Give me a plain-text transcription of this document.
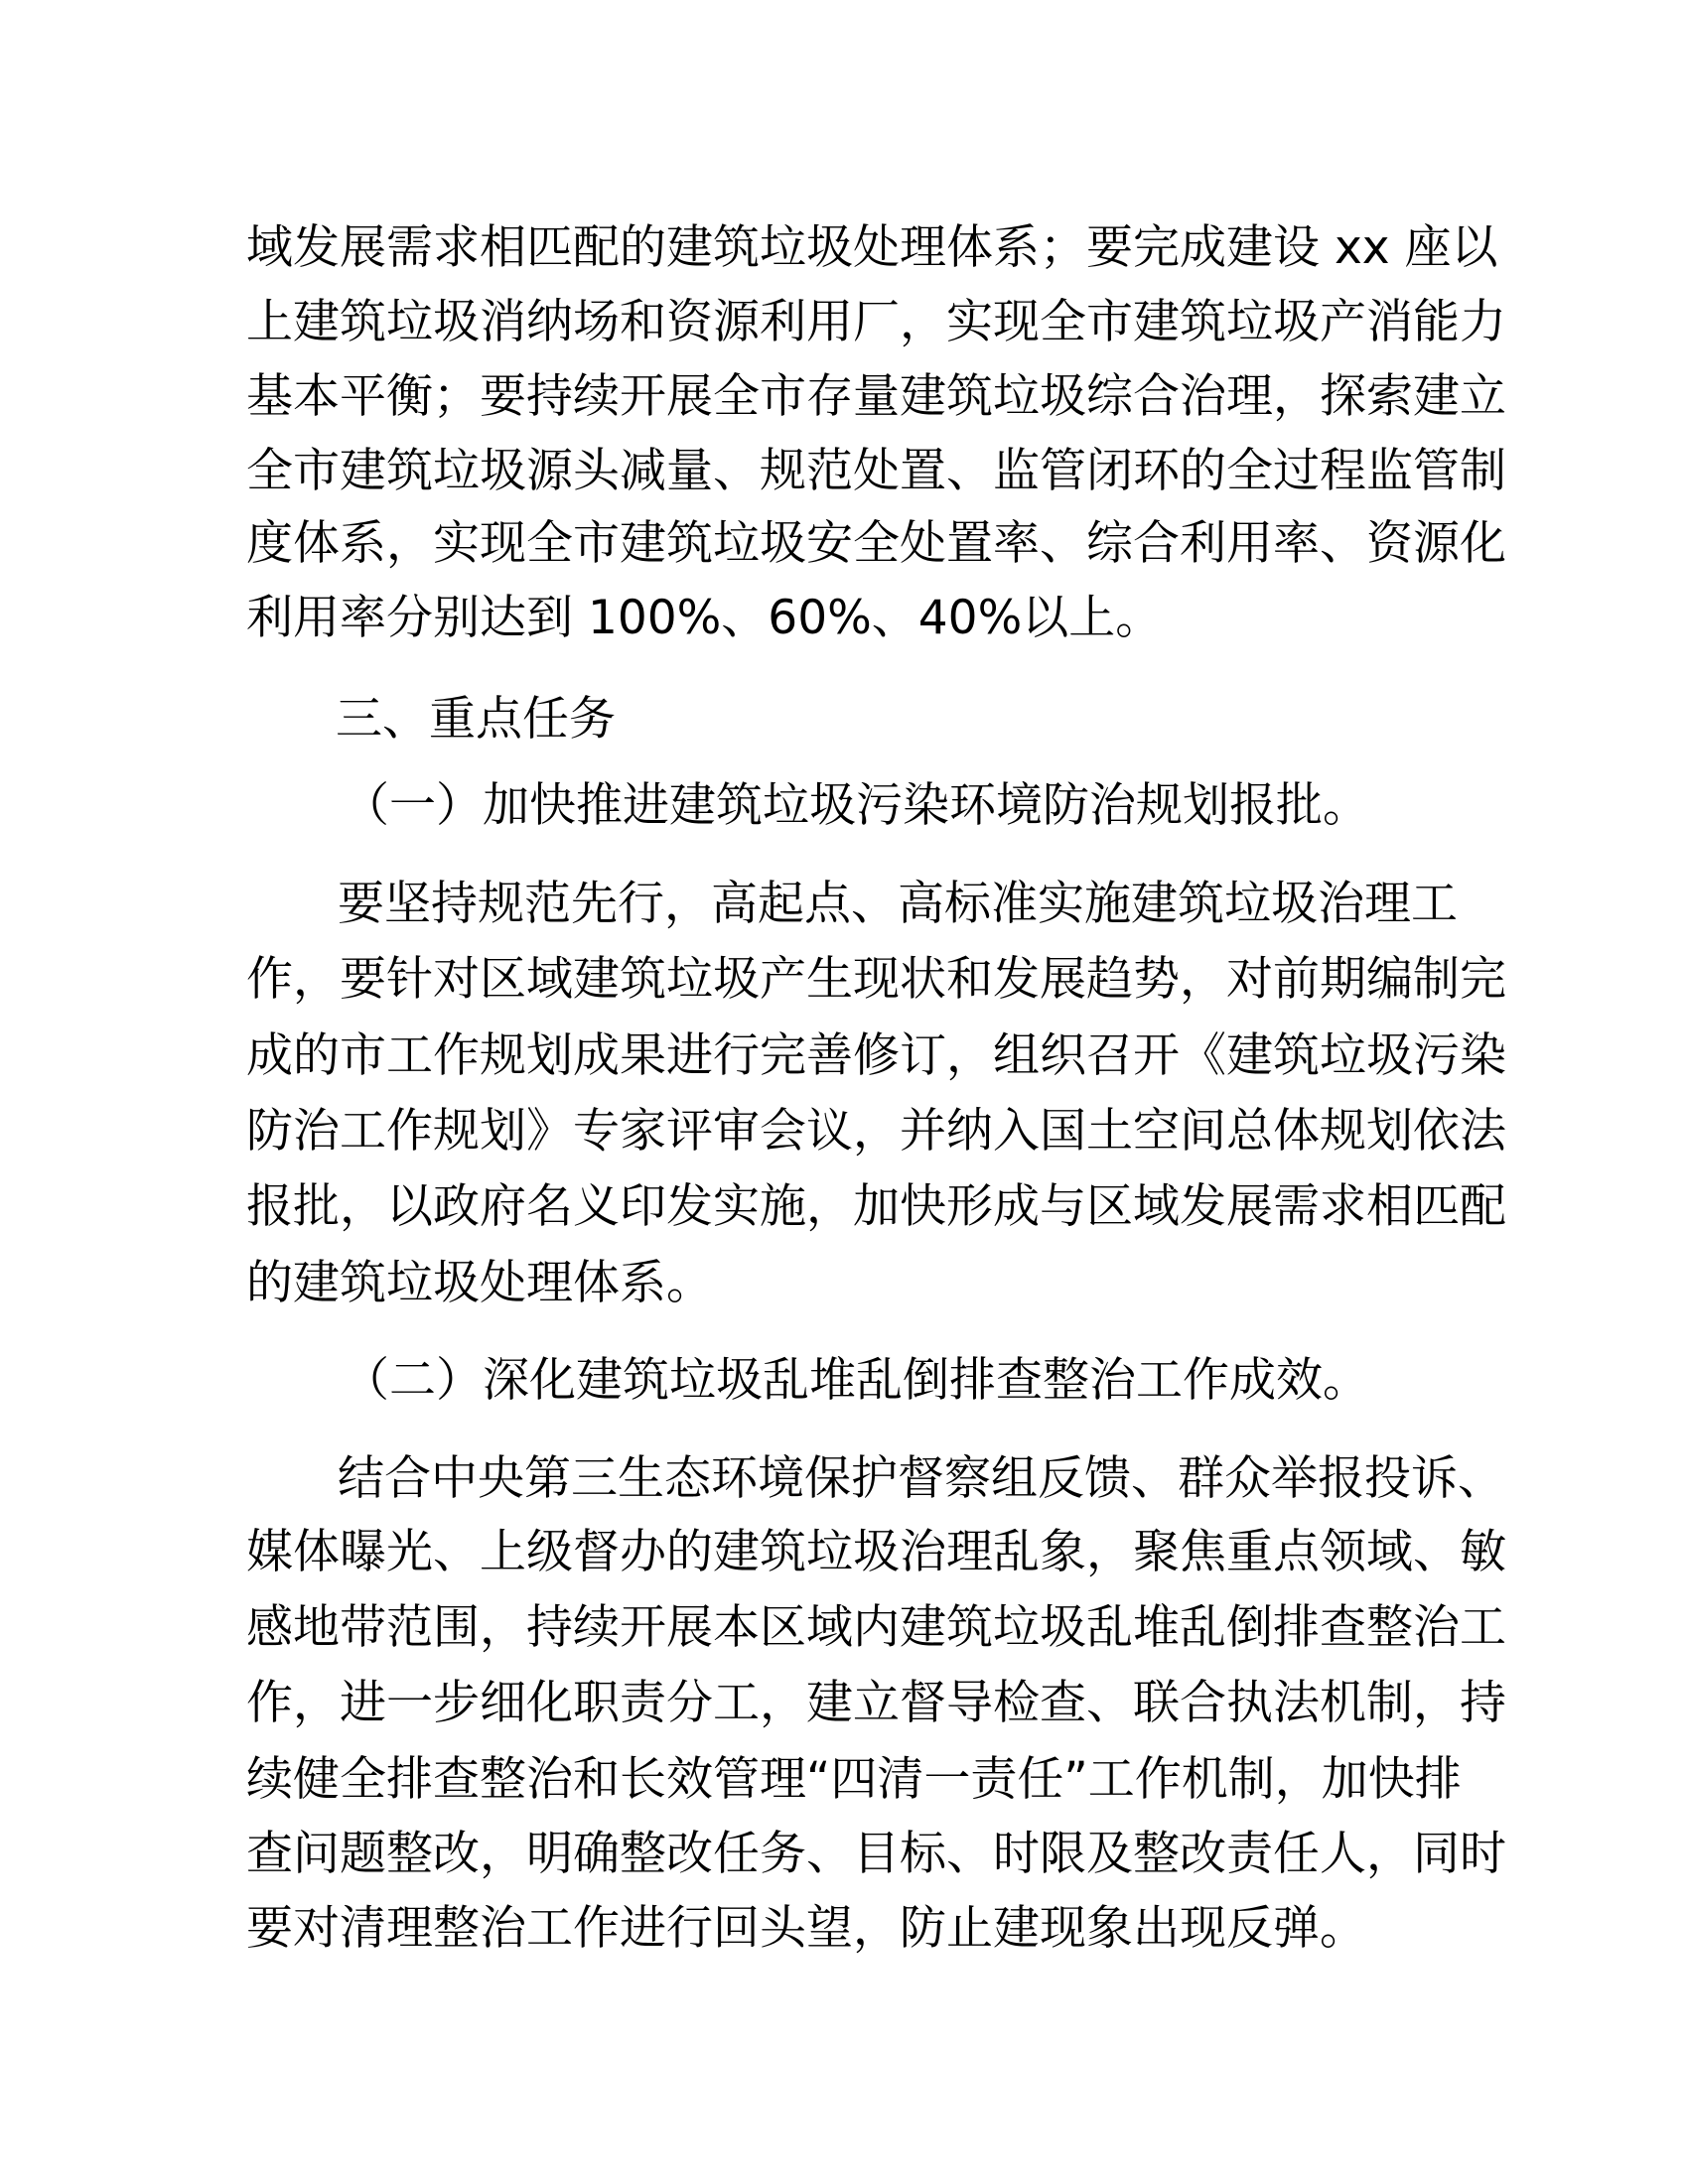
域发展需求相匹配的建筑垃圾处理体系；要完成建设 xx 座以
上建筑垃圾消纳场和资源利用厂，实现全市建筑垃圾产消能力
基本平衡；要持续开展全市存量建筑垃圾综合治理，探索建立
全市建筑垃圾源头减量、规范处置、监管闭环的全过程监管制
度体系，实现全市建筑垃圾安全处置率、综合利用率、资源化
利用率分别达到 100%、60%、40%以上。
三、重点任务
（一）加快推进建筑垃圾污染环境防治规划报批。
要坚持规范先行，高起点、高标准实施建筑垃圾治理工
作，要针对区域建筑垃圾产生现状和发展趋势，对前期编制完
成的市工作规划成果进行完善修订，组织召开《建筑垃圾污染
防治工作规划》专家评审会议，并纳入国土空间总体规划依法
报批，以政府名义印发实施，加快形成与区域发展需求相匹配
的建筑垃圾处理体系。
（二）深化建筑垃圾乱堆乱倒排查整治工作成效。
结合中央第三生态环境保护督察组反馈、群众举报投诉、
媒体曝光、上级督办的建筑垃圾治理乱象，聚焦重点领域、敏
感地带范围，持续开展本区域内建筑垃圾乱堆乱倒排查整治工
作，进一步细化职责分工，建立督导检查、联合执法机制，持
续健全排查整治和长效管理“四清一责任”工作机制，加快排
查问题整改，明确整改任务、目标、时限及整改责任人，同时
要对清理整治工作进行回头望，防止建现象出现反弹。
